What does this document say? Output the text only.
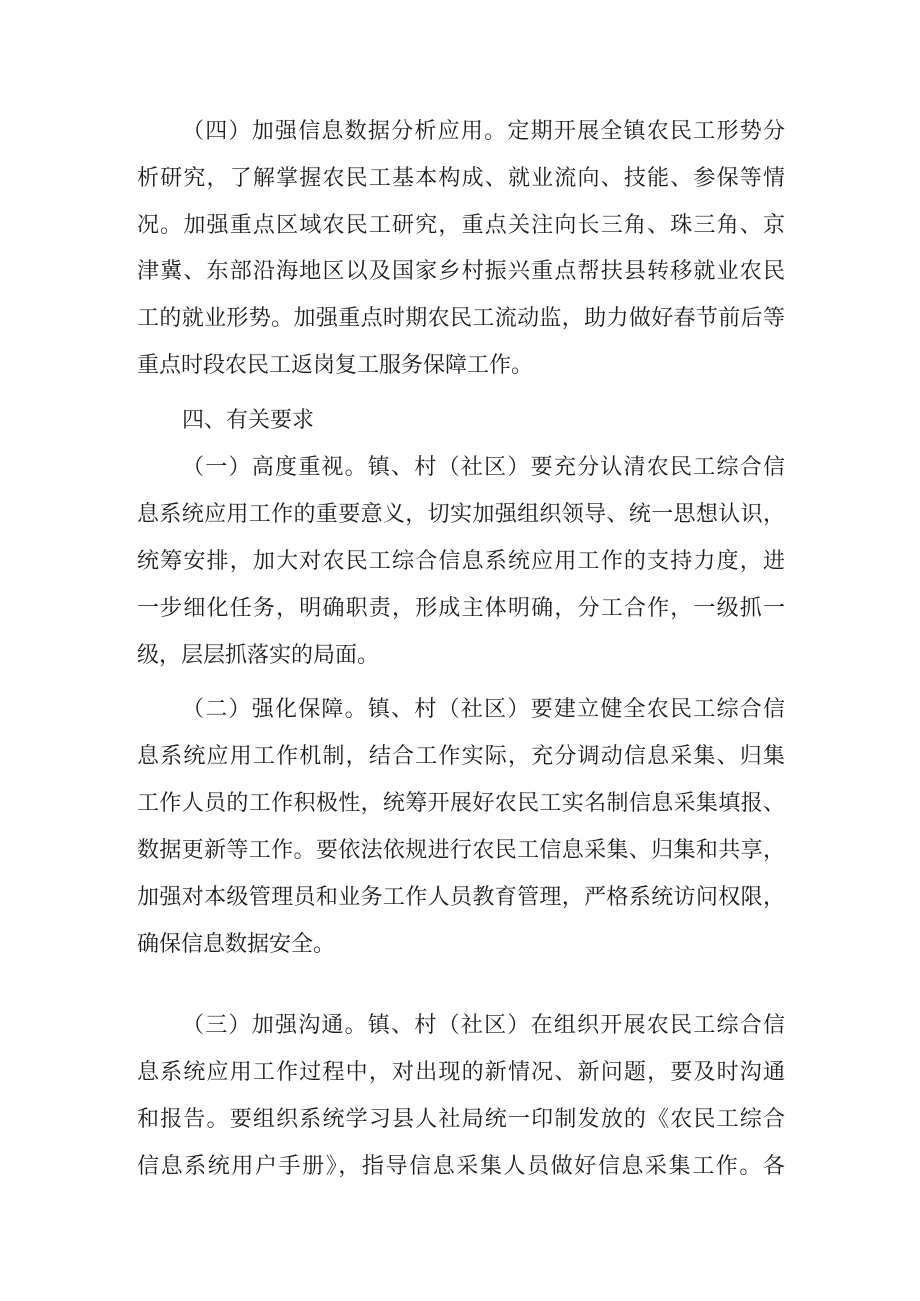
（四）加强信息数据分析应用。定期开展全镇农民工形势分
析研究，了解掌握农民工基本构成、就业流向、技能、参保等情
况。加强重点区域农民工研究，重点关注向长三角、珠三角、京
津冀、东部沿海地区以及国家乡村振兴重点帮扶县转移就业农民
工的就业形势。加强重点时期农民工流动监，助力做好春节前后等
重点时段农民工返岗复工服务保障工作。
四、有关要求
（一）高度重视。镇、村（社区）要充分认清农民工综合信
息系统应用工作的重要意义，切实加强组织领导、统一思想认识，
统筹安排，加大对农民工综合信息系统应用工作的支持力度，进
一步细化任务，明确职责，形成主体明确，分工合作，一级抓一
级，层层抓落实的局面。
（二）强化保障。镇、村（社区）要建立健全农民工综合信
息系统应用工作机制，结合工作实际，充分调动信息采集、归集
工作人员的工作积极性，统筹开展好农民工实名制信息采集填报、
数据更新等工作。要依法依规进行农民工信息采集、归集和共享，
加强对本级管理员和业务工作人员教育管理，严格系统访问权限，
确保信息数据安全。
（三）加强沟通。镇、村（社区）在组织开展农民工综合信
息系统应用工作过程中，对出现的新情况、新问题，要及时沟通
和报告。要组织系统学习县人社局统一印制发放的《农民工综合
信息系统用户手册》，指导信息采集人员做好信息采集工作。各
